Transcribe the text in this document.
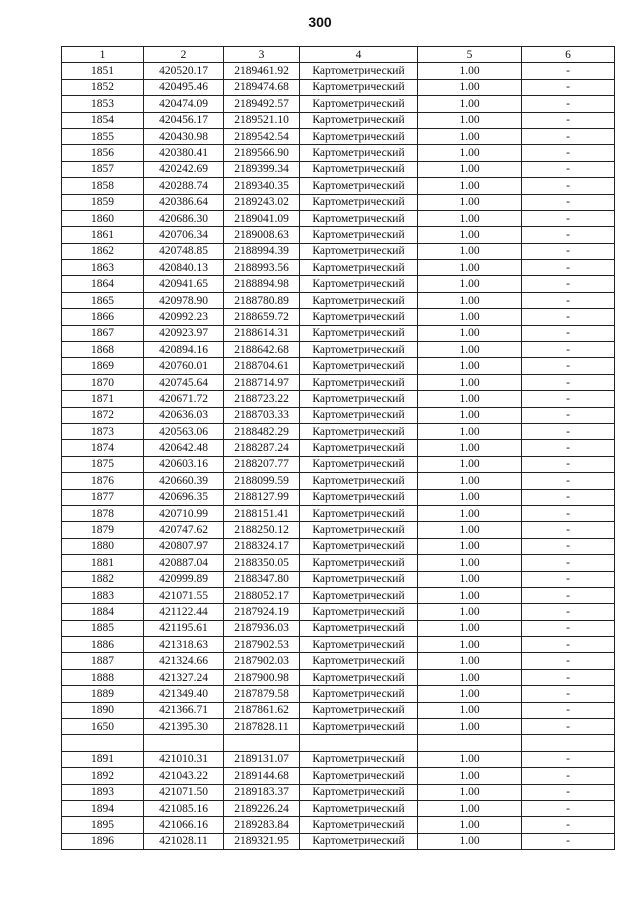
300
1	2	3	4	5	6
1851	420520.17	2189461.92	Картометрический	1.00	-
1852	420495.46	2189474.68	Картометрический	1.00	-
1853	420474.09	2189492.57	Картометрический	1.00	-
1854	420456.17	2189521.10	Картометрический	1.00	-
1855	420430.98	2189542.54	Картометрический	1.00	-
1856	420380.41	2189566.90	Картометрический	1.00	-
1857	420242.69	2189399.34	Картометрический	1.00	-
1858	420288.74	2189340.35	Картометрический	1.00	-
1859	420386.64	2189243.02	Картометрический	1.00	-
1860	420686.30	2189041.09	Картометрический	1.00	-
1861	420706.34	2189008.63	Картометрический	1.00	-
1862	420748.85	2188994.39	Картометрический	1.00	-
1863	420840.13	2188993.56	Картометрический	1.00	-
1864	420941.65	2188894.98	Картометрический	1.00	-
1865	420978.90	2188780.89	Картометрический	1.00	-
1866	420992.23	2188659.72	Картометрический	1.00	-
1867	420923.97	2188614.31	Картометрический	1.00	-
1868	420894.16	2188642.68	Картометрический	1.00	-
1869	420760.01	2188704.61	Картометрический	1.00	-
1870	420745.64	2188714.97	Картометрический	1.00	-
1871	420671.72	2188723.22	Картометрический	1.00	-
1872	420636.03	2188703.33	Картометрический	1.00	-
1873	420563.06	2188482.29	Картометрический	1.00	-
1874	420642.48	2188287.24	Картометрический	1.00	-
1875	420603.16	2188207.77	Картометрический	1.00	-
1876	420660.39	2188099.59	Картометрический	1.00	-
1877	420696.35	2188127.99	Картометрический	1.00	-
1878	420710.99	2188151.41	Картометрический	1.00	-
1879	420747.62	2188250.12	Картометрический	1.00	-
1880	420807.97	2188324.17	Картометрический	1.00	-
1881	420887.04	2188350.05	Картометрический	1.00	-
1882	420999.89	2188347.80	Картометрический	1.00	-
1883	421071.55	2188052.17	Картометрический	1.00	-
1884	421122.44	2187924.19	Картометрический	1.00	-
1885	421195.61	2187936.03	Картометрический	1.00	-
1886	421318.63	2187902.53	Картометрический	1.00	-
1887	421324.66	2187902.03	Картометрический	1.00	-
1888	421327.24	2187900.98	Картометрический	1.00	-
1889	421349.40	2187879.58	Картометрический	1.00	-
1890	421366.71	2187861.62	Картометрический	1.00	-
1650	421395.30	2187828.11	Картометрический	1.00	-

1891	421010.31	2189131.07	Картометрический	1.00	-
1892	421043.22	2189144.68	Картометрический	1.00	-
1893	421071.50	2189183.37	Картометрический	1.00	-
1894	421085.16	2189226.24	Картометрический	1.00	-
1895	421066.16	2189283.84	Картометрический	1.00	-
1896	421028.11	2189321.95	Картометрический	1.00	-
